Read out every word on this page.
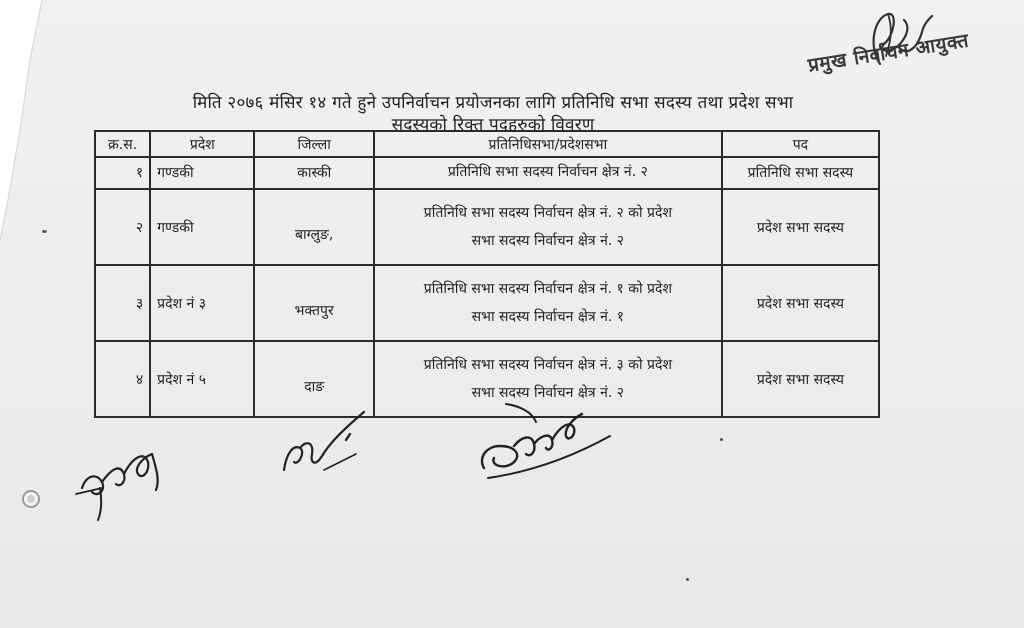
प्रमुख निर्वाचन आयुक्त
मिति २०७६ मंसिर १४ गते हुने उपनिर्वाचन प्रयोजनका लागि प्रतिनिधि सभा सदस्य तथा प्रदेश सभा
सदस्यको रिक्त पदहरुको विवरण
क्र.स.	प्रदेश	जिल्ला	प्रतिनिधिसभा/प्रदेशसभा	पद
१	गण्डकी	कास्की	प्रतिनिधि सभा सदस्य निर्वाचन क्षेत्र नं. २	प्रतिनिधि सभा सदस्य
२	गण्डकी	बाग्लुङ,	प्रतिनिधि सभा सदस्य निर्वाचन क्षेत्र नं. २ को प्रदेश
सभा सदस्य निर्वाचन क्षेत्र नं. २	प्रदेश सभा सदस्य
३	प्रदेश नं ३	भक्तपुर	प्रतिनिधि सभा सदस्य निर्वाचन क्षेत्र नं. १ को प्रदेश
सभा सदस्य निर्वाचन क्षेत्र नं. १	प्रदेश सभा सदस्य
४	प्रदेश नं ५	दाङ	प्रतिनिधि सभा सदस्य निर्वाचन क्षेत्र नं. ३ को प्रदेश
सभा सदस्य निर्वाचन क्षेत्र नं. २	प्रदेश सभा सदस्य
